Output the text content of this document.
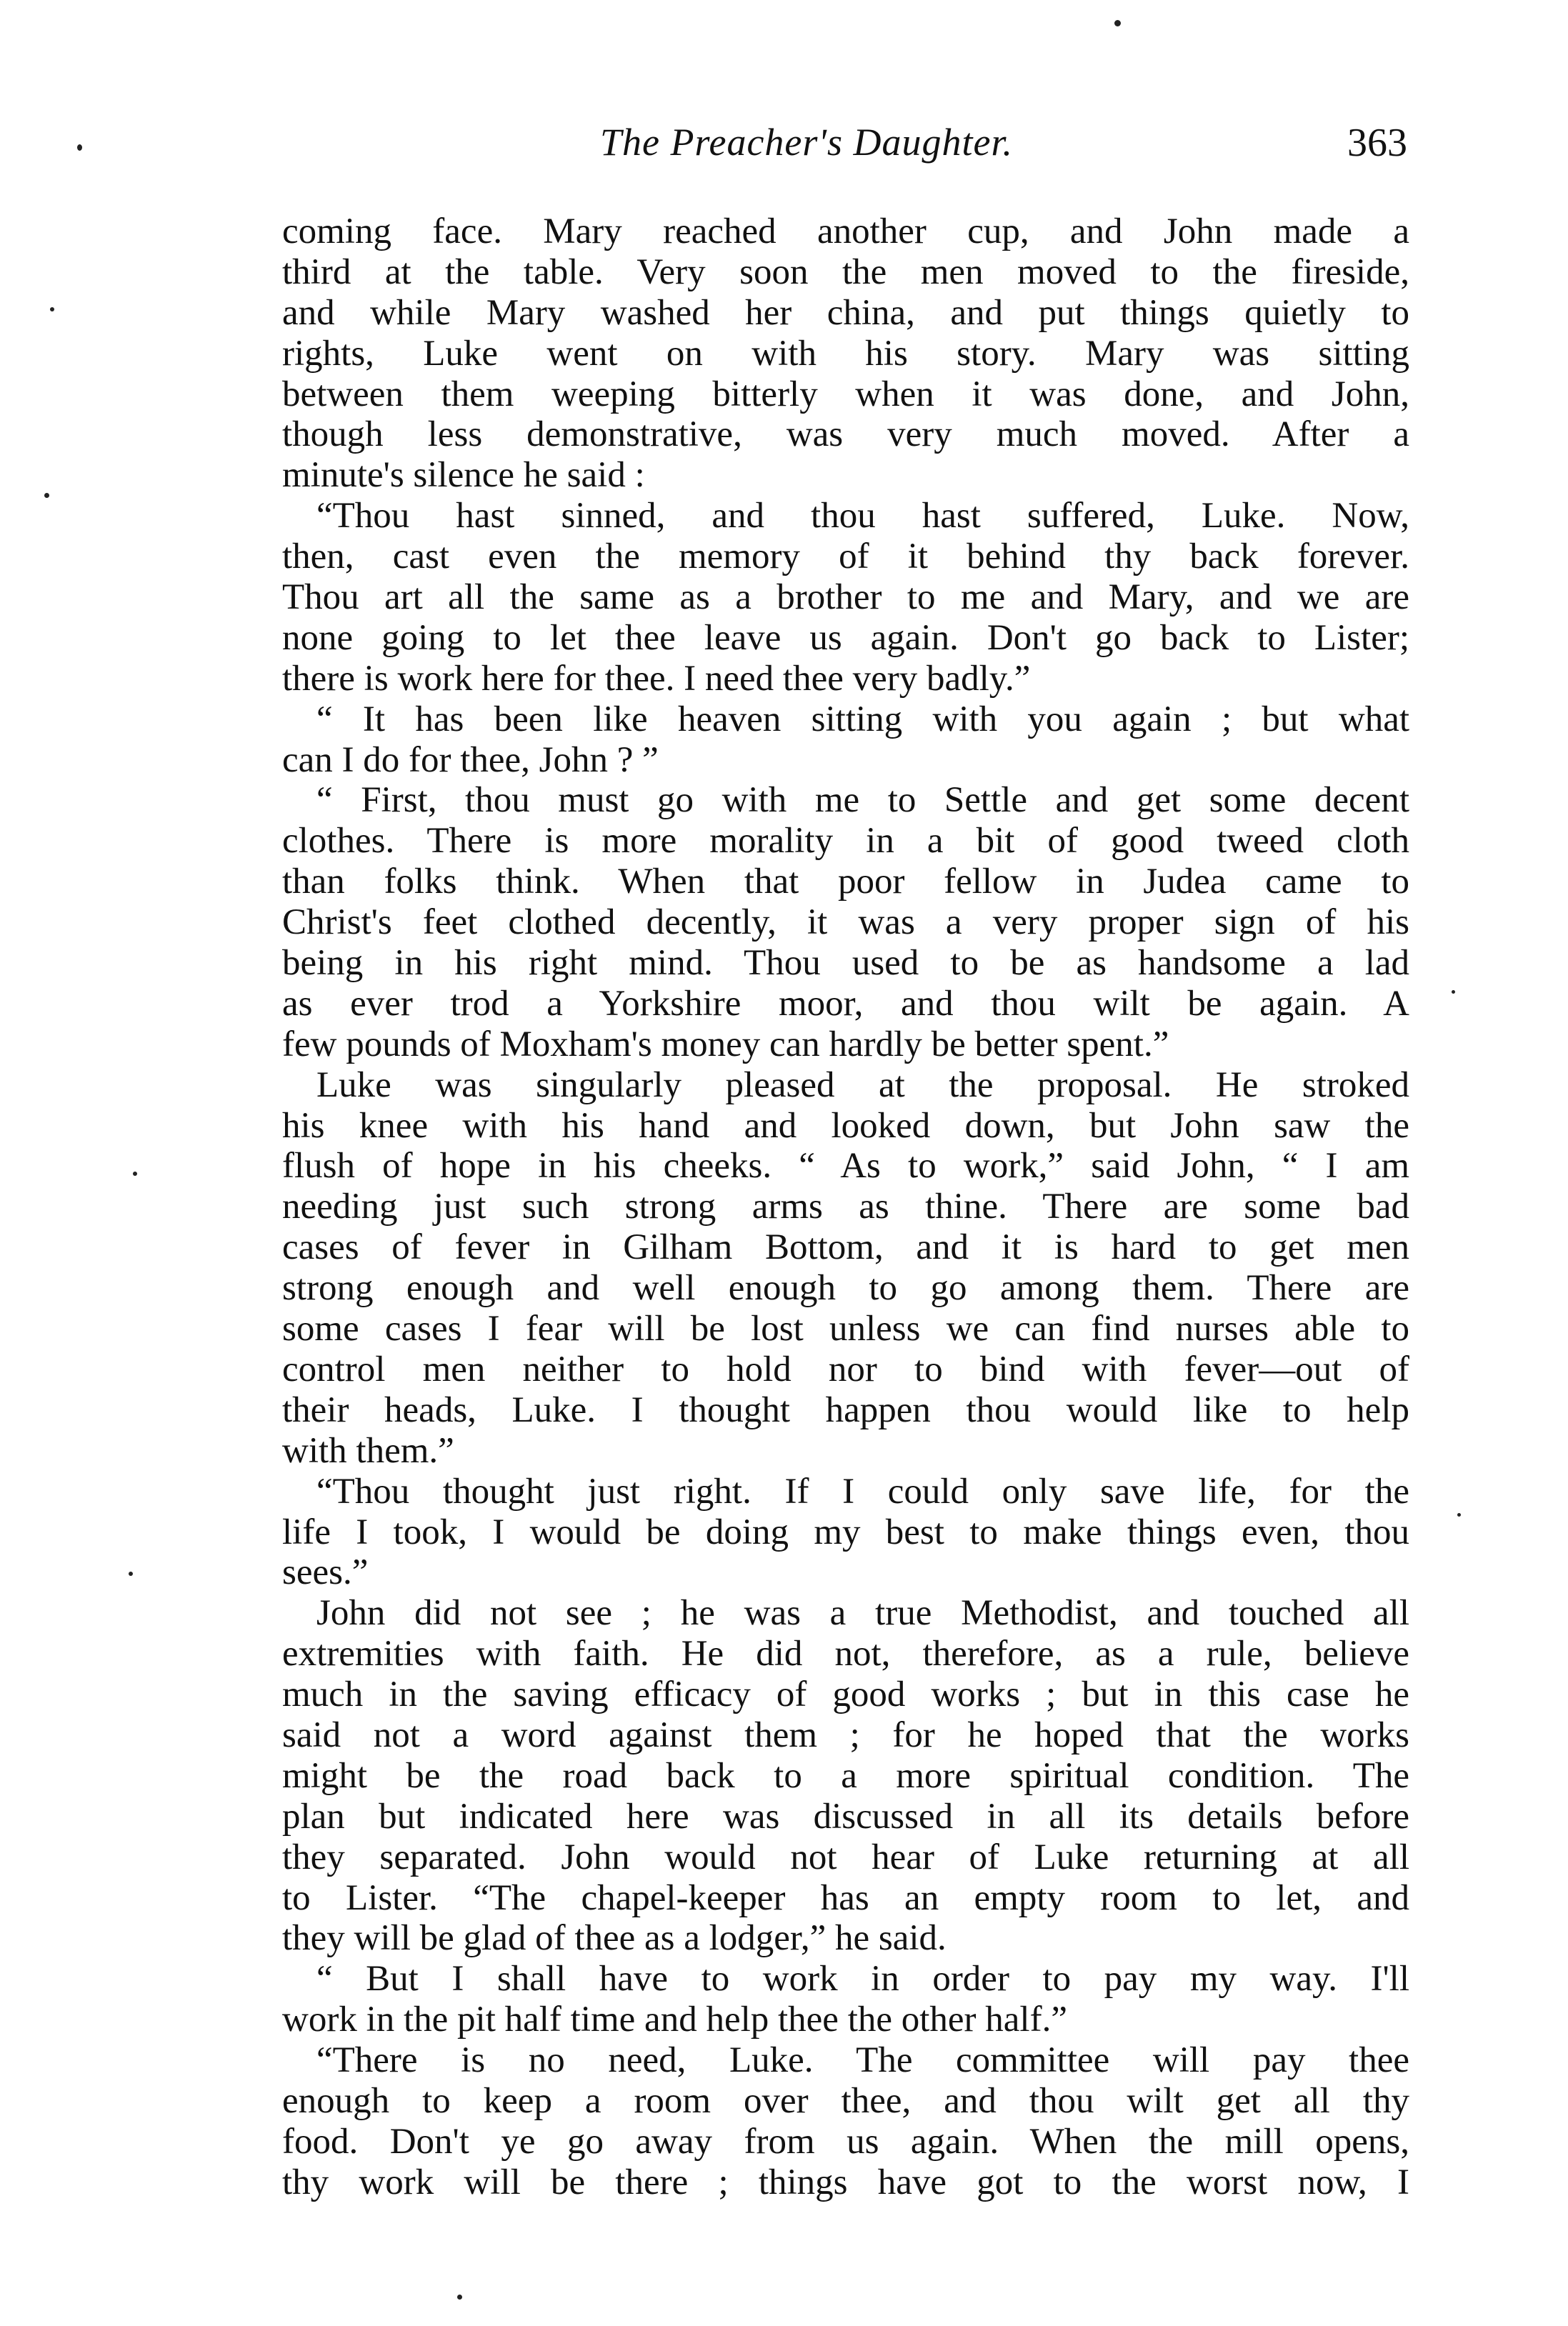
The Preacher's Daughter.	363
coming face. Mary reached another cup, and John made a
third at the table. Very soon the men moved to the fireside,
and while Mary washed her china, and put things quietly to
rights, Luke went on with his story. Mary was sitting
between them weeping bitterly when it was done, and John,
though less demonstrative, was very much moved. After a
minute's silence he said :
“Thou hast sinned, and thou hast suffered, Luke. Now,
then, cast even the memory of it behind thy back forever.
Thou art all the same as a brother to me and Mary, and we are
none going to let thee leave us again. Don't go back to Lister;
there is work here for thee. I need thee very badly.”
“ It has been like heaven sitting with you again ; but what
can I do for thee, John ? ”
“ First, thou must go with me to Settle and get some decent
clothes. There is more morality in a bit of good tweed cloth
than folks think. When that poor fellow in Judea came to
Christ's feet clothed decently, it was a very proper sign of his
being in his right mind. Thou used to be as handsome a lad
as ever trod a Yorkshire moor, and thou wilt be again. A
few pounds of Moxham's money can hardly be better spent.”
Luke was singularly pleased at the proposal. He stroked
his knee with his hand and looked down, but John saw the
flush of hope in his cheeks. “ As to work,” said John, “ I am
needing just such strong arms as thine. There are some bad
cases of fever in Gilham Bottom, and it is hard to get men
strong enough and well enough to go among them. There are
some cases I fear will be lost unless we can find nurses able to
control men neither to hold nor to bind with fever—out of
their heads, Luke. I thought happen thou would like to help
with them.”
“Thou thought just right. If I could only save life, for the
life I took, I would be doing my best to make things even, thou
sees.”
John did not see ; he was a true Methodist, and touched all
extremities with faith. He did not, therefore, as a rule, believe
much in the saving efficacy of good works ; but in this case he
said not a word against them ; for he hoped that the works
might be the road back to a more spiritual condition. The
plan but indicated here was discussed in all its details before
they separated. John would not hear of Luke returning at all
to Lister. “The chapel-keeper has an empty room to let, and
they will be glad of thee as a lodger,” he said.
“ But I shall have to work in order to pay my way. I'll
work in the pit half time and help thee the other half.”
“There is no need, Luke. The committee will pay thee
enough to keep a room over thee, and thou wilt get all thy
food. Don't ye go away from us again. When the mill opens,
thy work will be there ; things have got to the worst now, I
